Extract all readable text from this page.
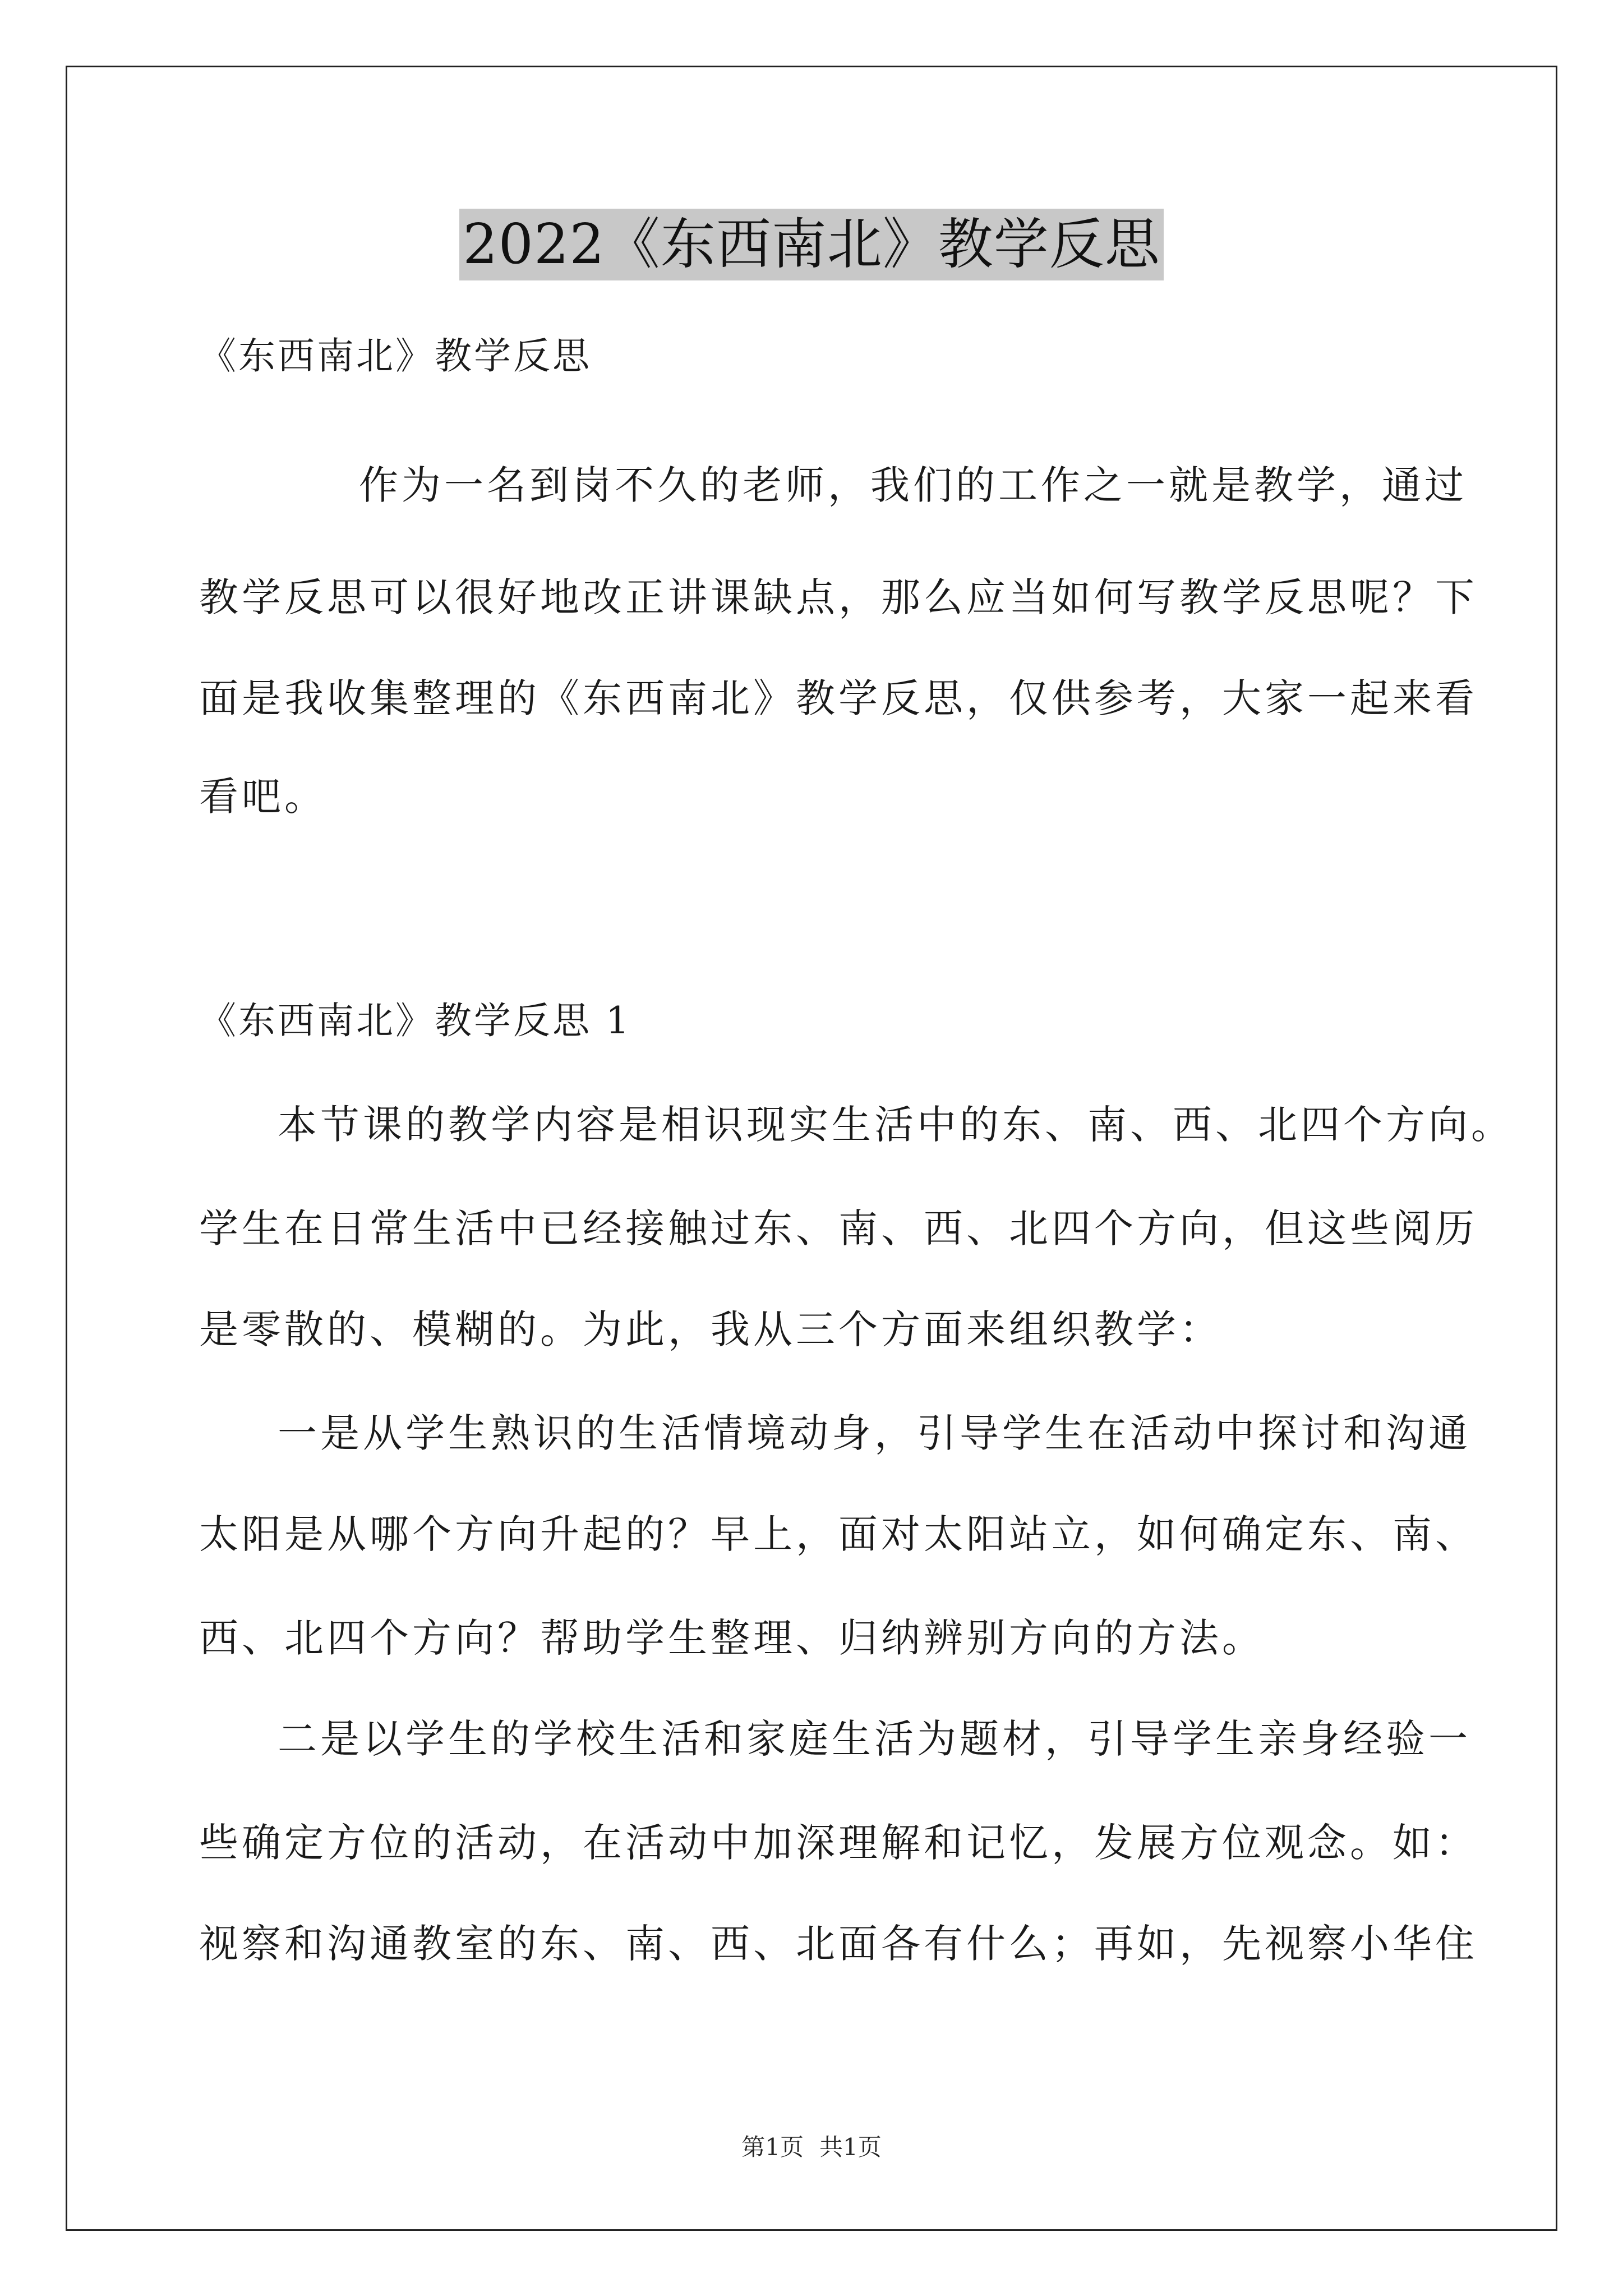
2022《东西南北》教学反思
《东西南北》教学反思
作为一名到岗不久的老师，我们的工作之一就是教学，通过
教学反思可以很好地改正讲课缺点，那么应当如何写教学反思呢？下
面是我收集整理的《东西南北》教学反思，仅供参考，大家一起来看
看吧。
《东西南北》教学反思 1
本节课的教学内容是相识现实生活中的东、南、西、北四个方向。
学生在日常生活中已经接触过东、南、西、北四个方向，但这些阅历
是零散的、模糊的。为此，我从三个方面来组织教学：
一是从学生熟识的生活情境动身，引导学生在活动中探讨和沟通
太阳是从哪个方向升起的？早上，面对太阳站立，如何确定东、南、
西、北四个方向？帮助学生整理、归纳辨别方向的方法。
二是以学生的学校生活和家庭生活为题材，引导学生亲身经验一
些确定方位的活动，在活动中加深理解和记忆，发展方位观念。如：
视察和沟通教室的东、南、西、北面各有什么；再如，先视察小华住
第1页 共1页
